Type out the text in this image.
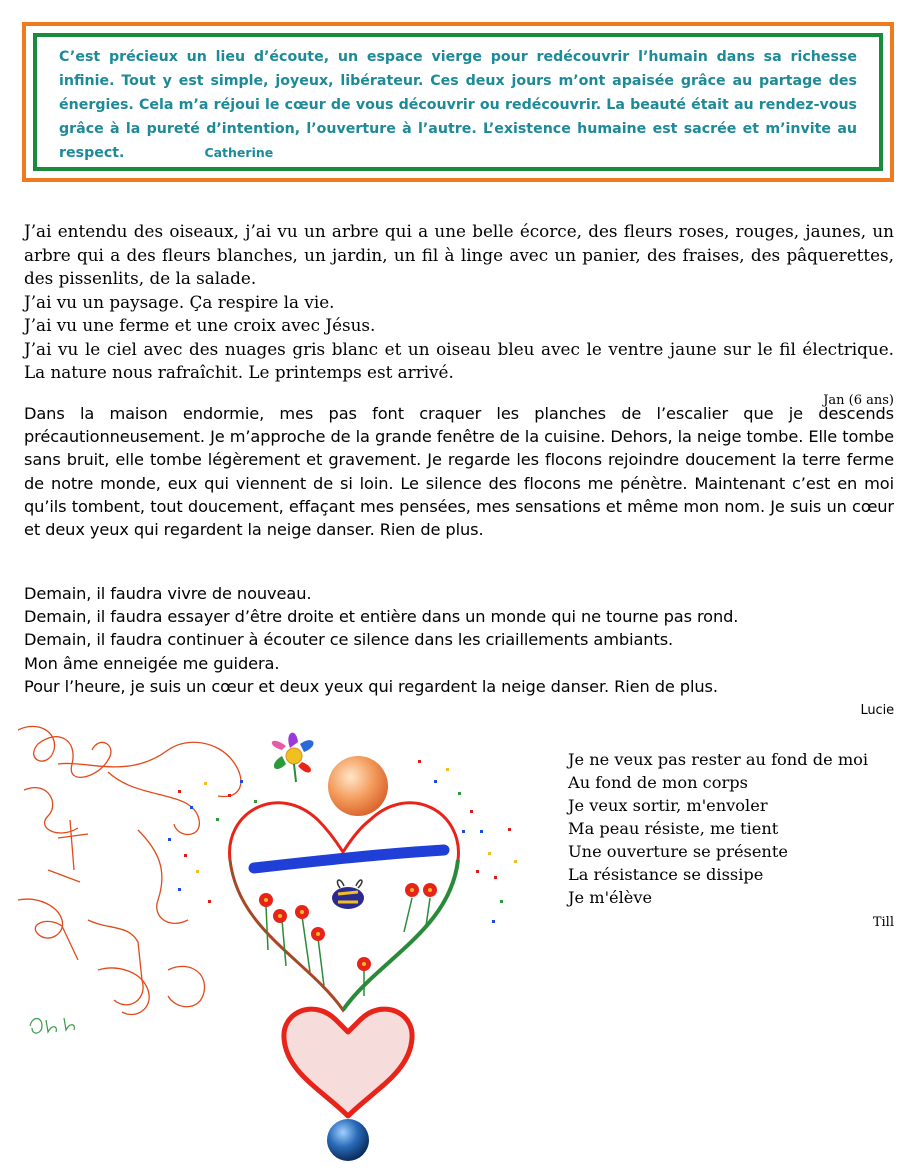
C’est précieux un lieu d’écoute, un espace vierge pour redécouvrir l’humain dans sa richesse infinie. Tout y est simple, joyeux, libérateur. Ces deux jours m’ont apaisée grâce au partage des énergies. Cela m’a réjoui le cœur de vous découvrir ou redécouvrir. La beauté était au rendez-vous grâce à la pureté d’intention, l’ouverture à l’autre. L’existence humaine est sacrée et m’invite au respect.	Catherine

J’ai entendu des oiseaux, j’ai vu un arbre qui a une belle écorce, des fleurs roses, rouges, jaunes, un arbre qui a des fleurs blanches, un jardin, un fil à linge avec un panier, des fraises, des pâquerettes, des pissenlits, de la salade.
J’ai vu un paysage. Ça respire la vie.
J’ai vu une ferme et une croix avec Jésus.
J’ai vu le ciel avec des nuages gris blanc et un oiseau bleu avec le ventre jaune sur le fil électrique. La nature nous rafraîchit. Le printemps est arrivé.
Jan (6 ans)
Dans la maison endormie, mes pas font craquer les planches de l’escalier que je descends précautionneusement. Je m’approche de la grande fenêtre de la cuisine. Dehors, la neige tombe. Elle tombe sans bruit, elle tombe légèrement et gravement. Je regarde les flocons rejoindre doucement la terre ferme de notre monde, eux qui viennent de si loin. Le silence des flocons me pénètre. Maintenant c’est en moi qu’ils tombent, tout doucement, effaçant mes pensées, mes sensations et même mon nom. Je suis un cœur et deux yeux qui regardent la neige danser. Rien de plus.
Demain, il faudra vivre de nouveau.
Demain, il faudra essayer d’être droite et entière dans un monde qui ne tourne pas rond.
Demain, il faudra continuer à écouter ce silence dans les criaillements ambiants.
Mon âme enneigée me guidera.
Pour l’heure, je suis un cœur et deux yeux qui regardent la neige danser. Rien de plus.
Lucie
Je ne veux pas rester au fond de moi
Au fond de mon corps
Je veux sortir, m'envoler
Ma peau résiste, me tient
Une ouverture se présente
La résistance se dissipe
Je m'élève
Till
